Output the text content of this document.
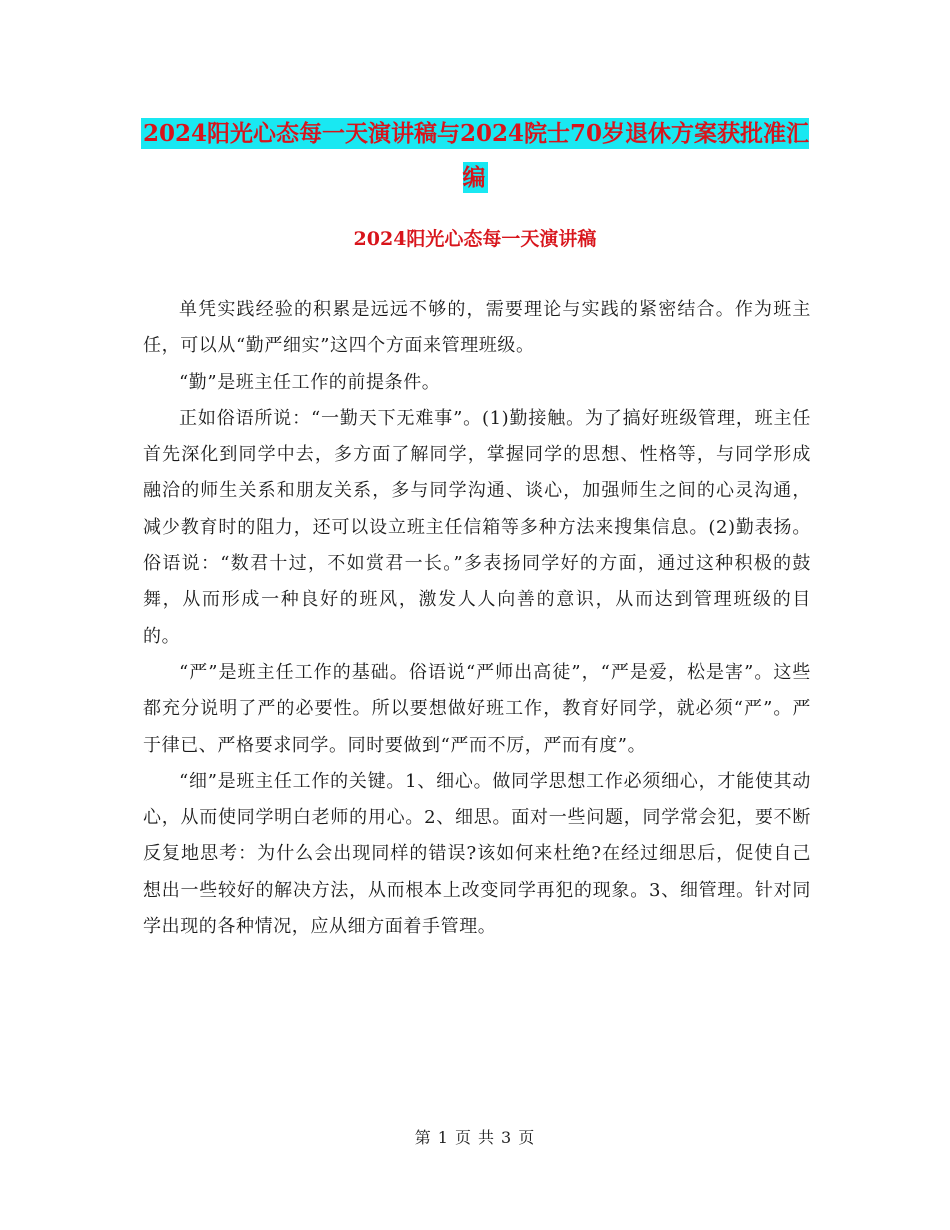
2024阳光心态每一天演讲稿与2024院士70岁退休方案获批准汇编
2024阳光心态每一天演讲稿

单凭实践经验的积累是远远不够的，需要理论与实践的紧密结合。作为班主任，可以从“勤严细实”这四个方面来管理班级。

“勤”是班主任工作的前提条件。

正如俗语所说：“一勤天下无难事”。(1)勤接触。为了搞好班级管理，班主任首先深化到同学中去，多方面了解同学，掌握同学的思想、性格等，与同学形成融洽的师生关系和朋友关系，多与同学沟通、谈心，加强师生之间的心灵沟通，减少教育时的阻力，还可以设立班主任信箱等多种方法来搜集信息。(2)勤表扬。俗语说：“数君十过，不如赏君一长。”多表扬同学好的方面，通过这种积极的鼓舞，从而形成一种良好的班风，激发人人向善的意识，从而达到管理班级的目的。

“严”是班主任工作的基础。俗语说“严师出高徒”，“严是爱，松是害”。这些都充分说明了严的必要性。所以要想做好班工作，教育好同学，就必须“严”。严于律已、严格要求同学。同时要做到“严而不厉，严而有度”。

“细”是班主任工作的关键。1、细心。做同学思想工作必须细心，才能使其动心，从而使同学明白老师的用心。2、细思。面对一些问题，同学常会犯，要不断反复地思考：为什么会出现同样的错误?该如何来杜绝?在经过细思后，促使自己想出一些较好的解决方法，从而根本上改变同学再犯的现象。3、细管理。针对同学出现的各种情况，应从细方面着手管理。

第 1 页 共 3 页
